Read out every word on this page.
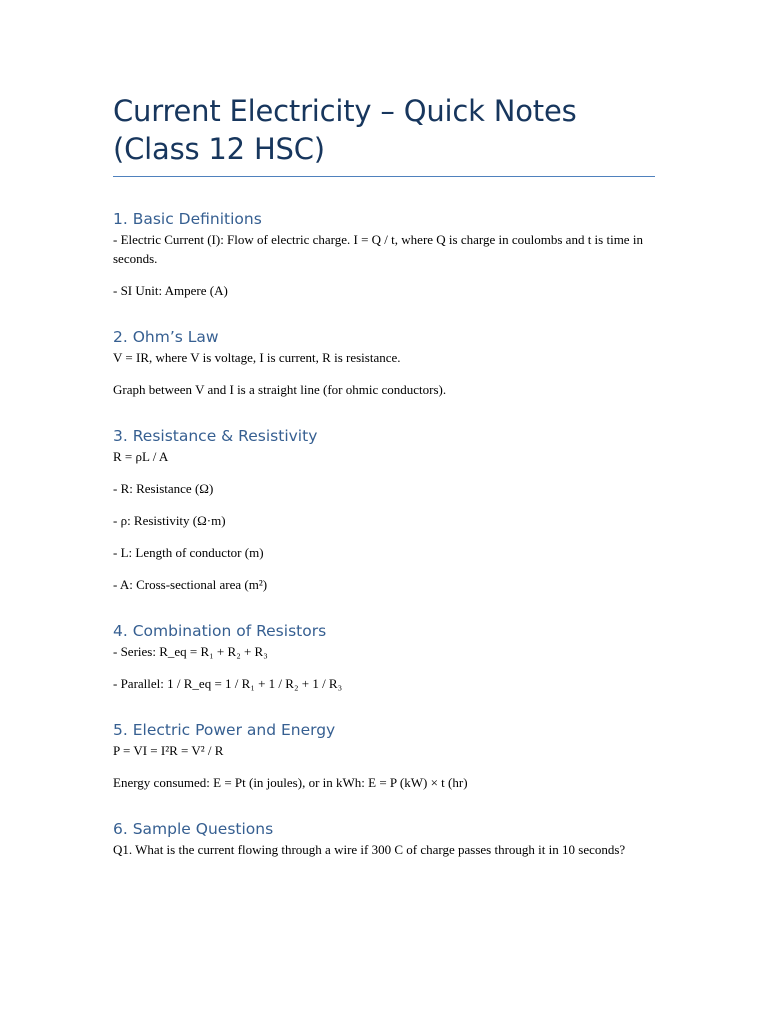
Current Electricity – Quick Notes (Class 12 HSC)
1. Basic Definitions

- Electric Current (I): Flow of electric charge. I = Q / t, where Q is charge in coulombs and t is time in seconds.

- SI Unit: Ampere (A)

2. Ohm’s Law

V = IR, where V is voltage, I is current, R is resistance.

Graph between V and I is a straight line (for ohmic conductors).

3. Resistance & Resistivity

R = ρL / A

- R: Resistance (Ω)

- ρ: Resistivity (Ω·m)

- L: Length of conductor (m)

- A: Cross-sectional area (m²)

4. Combination of Resistors

- Series: R_eq = R₁ + R₂ + R₃

- Parallel: 1 / R_eq = 1 / R₁ + 1 / R₂ + 1 / R₃

5. Electric Power and Energy

P = VI = I²R = V² / R

Energy consumed: E = Pt (in joules), or in kWh: E = P (kW) × t (hr)

6. Sample Questions

Q1. What is the current flowing through a wire if 300 C of charge passes through it in 10 seconds?
